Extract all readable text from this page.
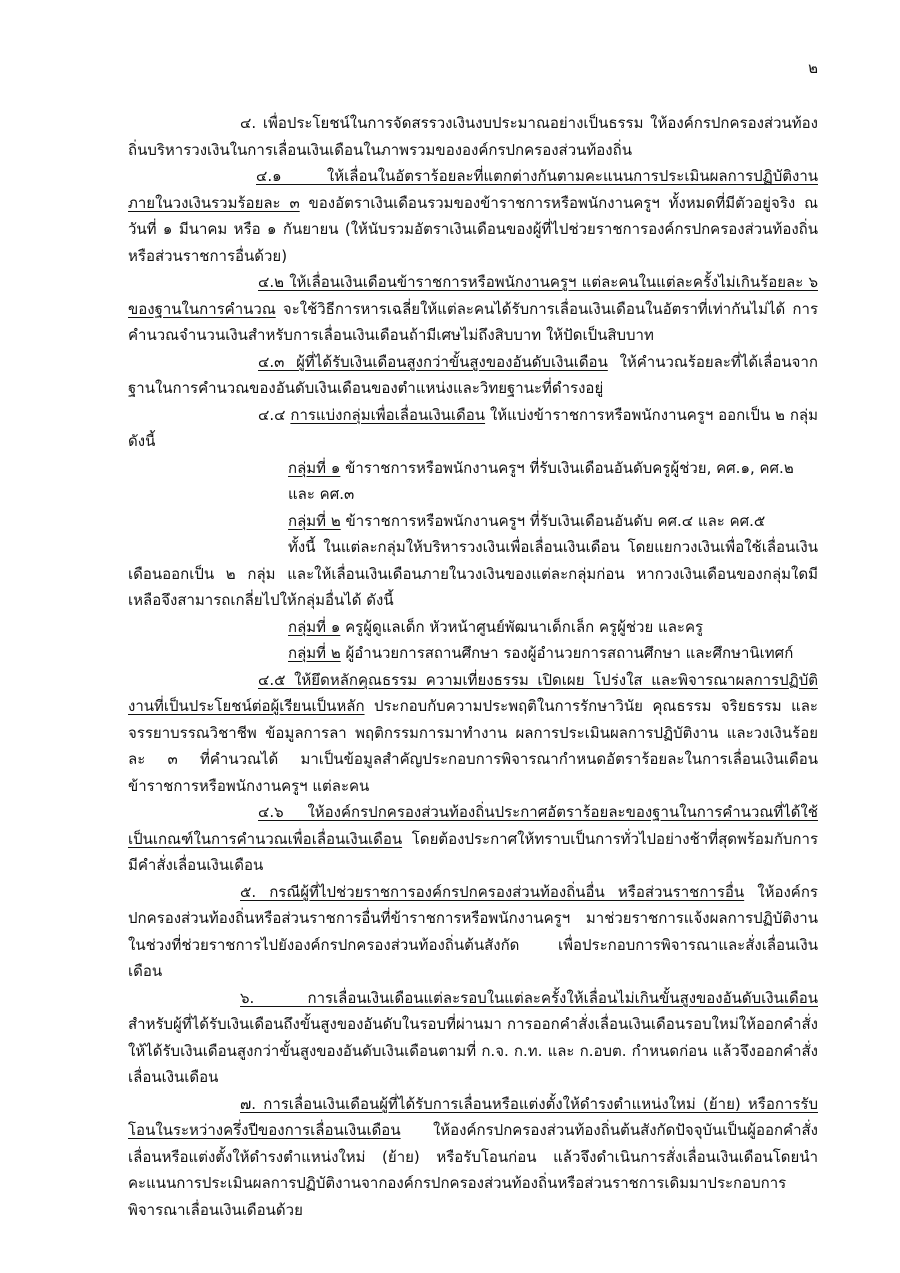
๒

๔. เพื่อประโยชน์ในการจัดสรรวงเงินงบประมาณอย่างเป็นธรรม ให้องค์กรปกครองส่วนท้องถิ่นบริหารวงเงินในการเลื่อนเงินเดือนในภาพรวมขององค์กรปกครองส่วนท้องถิ่น

๔.๑ ให้เลื่อนในอัตราร้อยละที่แตกต่างกันตามคะแนนการประเมินผลการปฏิบัติงาน ภายในวงเงินรวมร้อยละ ๓ ของอัตราเงินเดือนรวมของข้าราชการหรือพนักงานครูฯ ทั้งหมดที่มีตัวอยู่จริง ณ วันที่ ๑ มีนาคม หรือ ๑ กันยายน (ให้นับรวมอัตราเงินเดือนของผู้ที่ไปช่วยราชการองค์กรปกครองส่วนท้องถิ่นหรือส่วนราชการอื่นด้วย)

๔.๒ ให้เลื่อนเงินเดือนข้าราชการหรือพนักงานครูฯ แต่ละคนในแต่ละครั้งไม่เกินร้อยละ ๖ ของฐานในการคำนวณ จะใช้วิธีการหารเฉลี่ยให้แต่ละคนได้รับการเลื่อนเงินเดือนในอัตราที่เท่ากันไม่ได้ การคำนวณจำนวนเงินสำหรับการเลื่อนเงินเดือนถ้ามีเศษไม่ถึงสิบบาท ให้ปัดเป็นสิบบาท

๔.๓ ผู้ที่ได้รับเงินเดือนสูงกว่าขั้นสูงของอันดับเงินเดือน ให้คำนวณร้อยละที่ได้เลื่อนจากฐานในการคำนวณของอันดับเงินเดือนของตำแหน่งและวิทยฐานะที่ดำรงอยู่

๔.๔ การแบ่งกลุ่มเพื่อเลื่อนเงินเดือน ให้แบ่งข้าราชการหรือพนักงานครูฯ ออกเป็น ๒ กลุ่ม ดังนี้

กลุ่มที่ ๑ ข้าราชการหรือพนักงานครูฯ ที่รับเงินเดือนอันดับครูผู้ช่วย, คศ.๑, คศ.๒ และ คศ.๓

กลุ่มที่ ๒ ข้าราชการหรือพนักงานครูฯ ที่รับเงินเดือนอันดับ คศ.๔ และ คศ.๕

ทั้งนี้ ในแต่ละกลุ่มให้บริหารวงเงินเพื่อเลื่อนเงินเดือน โดยแยกวงเงินเพื่อใช้เลื่อนเงินเดือนออกเป็น ๒ กลุ่ม และให้เลื่อนเงินเดือนภายในวงเงินของแต่ละกลุ่มก่อน หากวงเงินเดือนของกลุ่มใดมีเหลือจึงสามารถเกลี่ยไปให้กลุ่มอื่นได้ ดังนี้

กลุ่มที่ ๑ ครูผู้ดูแลเด็ก หัวหน้าศูนย์พัฒนาเด็กเล็ก ครูผู้ช่วย และครู

กลุ่มที่ ๒ ผู้อำนวยการสถานศึกษา รองผู้อำนวยการสถานศึกษา และศึกษานิเทศก์

๔.๕ ให้ยึดหลักคุณธรรม ความเที่ยงธรรม เปิดเผย โปร่งใส และพิจารณาผลการปฏิบัติงานที่เป็นประโยชน์ต่อผู้เรียนเป็นหลัก ประกอบกับความประพฤติในการรักษาวินัย คุณธรรม จริยธรรม และจรรยาบรรณวิชาชีพ ข้อมูลการลา พฤติกรรมการมาทำงาน ผลการประเมินผลการปฏิบัติงาน และวงเงินร้อยละ ๓ ที่คำนวณได้ มาเป็นข้อมูลสำคัญประกอบการพิจารณากำหนดอัตราร้อยละในการเลื่อนเงินเดือนข้าราชการหรือพนักงานครูฯ แต่ละคน

๔.๖ ให้องค์กรปกครองส่วนท้องถิ่นประกาศอัตราร้อยละของฐานในการคำนวณที่ได้ใช้เป็นเกณฑ์ในการคำนวณเพื่อเลื่อนเงินเดือน โดยต้องประกาศให้ทราบเป็นการทั่วไปอย่างช้าที่สุดพร้อมกับการมีคำสั่งเลื่อนเงินเดือน

๕. กรณีผู้ที่ไปช่วยราชการองค์กรปกครองส่วนท้องถิ่นอื่น หรือส่วนราชการอื่น ให้องค์กรปกครองส่วนท้องถิ่นหรือส่วนราชการอื่นที่ข้าราชการหรือพนักงานครูฯ มาช่วยราชการแจ้งผลการปฏิบัติงานในช่วงที่ช่วยราชการไปยังองค์กรปกครองส่วนท้องถิ่นต้นสังกัด เพื่อประกอบการพิจารณาและสั่งเลื่อนเงินเดือน

๖. การเลื่อนเงินเดือนแต่ละรอบในแต่ละครั้งให้เลื่อนไม่เกินขั้นสูงของอันดับเงินเดือน สำหรับผู้ที่ได้รับเงินเดือนถึงขั้นสูงของอันดับในรอบที่ผ่านมา การออกคำสั่งเลื่อนเงินเดือนรอบใหม่ให้ออกคำสั่งให้ได้รับเงินเดือนสูงกว่าขั้นสูงของอันดับเงินเดือนตามที่ ก.จ. ก.ท. และ ก.อบต. กำหนดก่อน แล้วจึงออกคำสั่งเลื่อนเงินเดือน

๗. การเลื่อนเงินเดือนผู้ที่ได้รับการเลื่อนหรือแต่งตั้งให้ดำรงตำแหน่งใหม่ (ย้าย) หรือการรับโอนในระหว่างครึ่งปีของการเลื่อนเงินเดือน ให้องค์กรปกครองส่วนท้องถิ่นต้นสังกัดปัจจุบันเป็นผู้ออกคำสั่งเลื่อนหรือแต่งตั้งให้ดำรงตำแหน่งใหม่ (ย้าย) หรือรับโอนก่อน แล้วจึงดำเนินการสั่งเลื่อนเงินเดือนโดยนำคะแนนการประเมินผลการปฏิบัติงานจากองค์กรปกครองส่วนท้องถิ่นหรือส่วนราชการเดิมมาประกอบการพิจารณาเลื่อนเงินเดือนด้วย
